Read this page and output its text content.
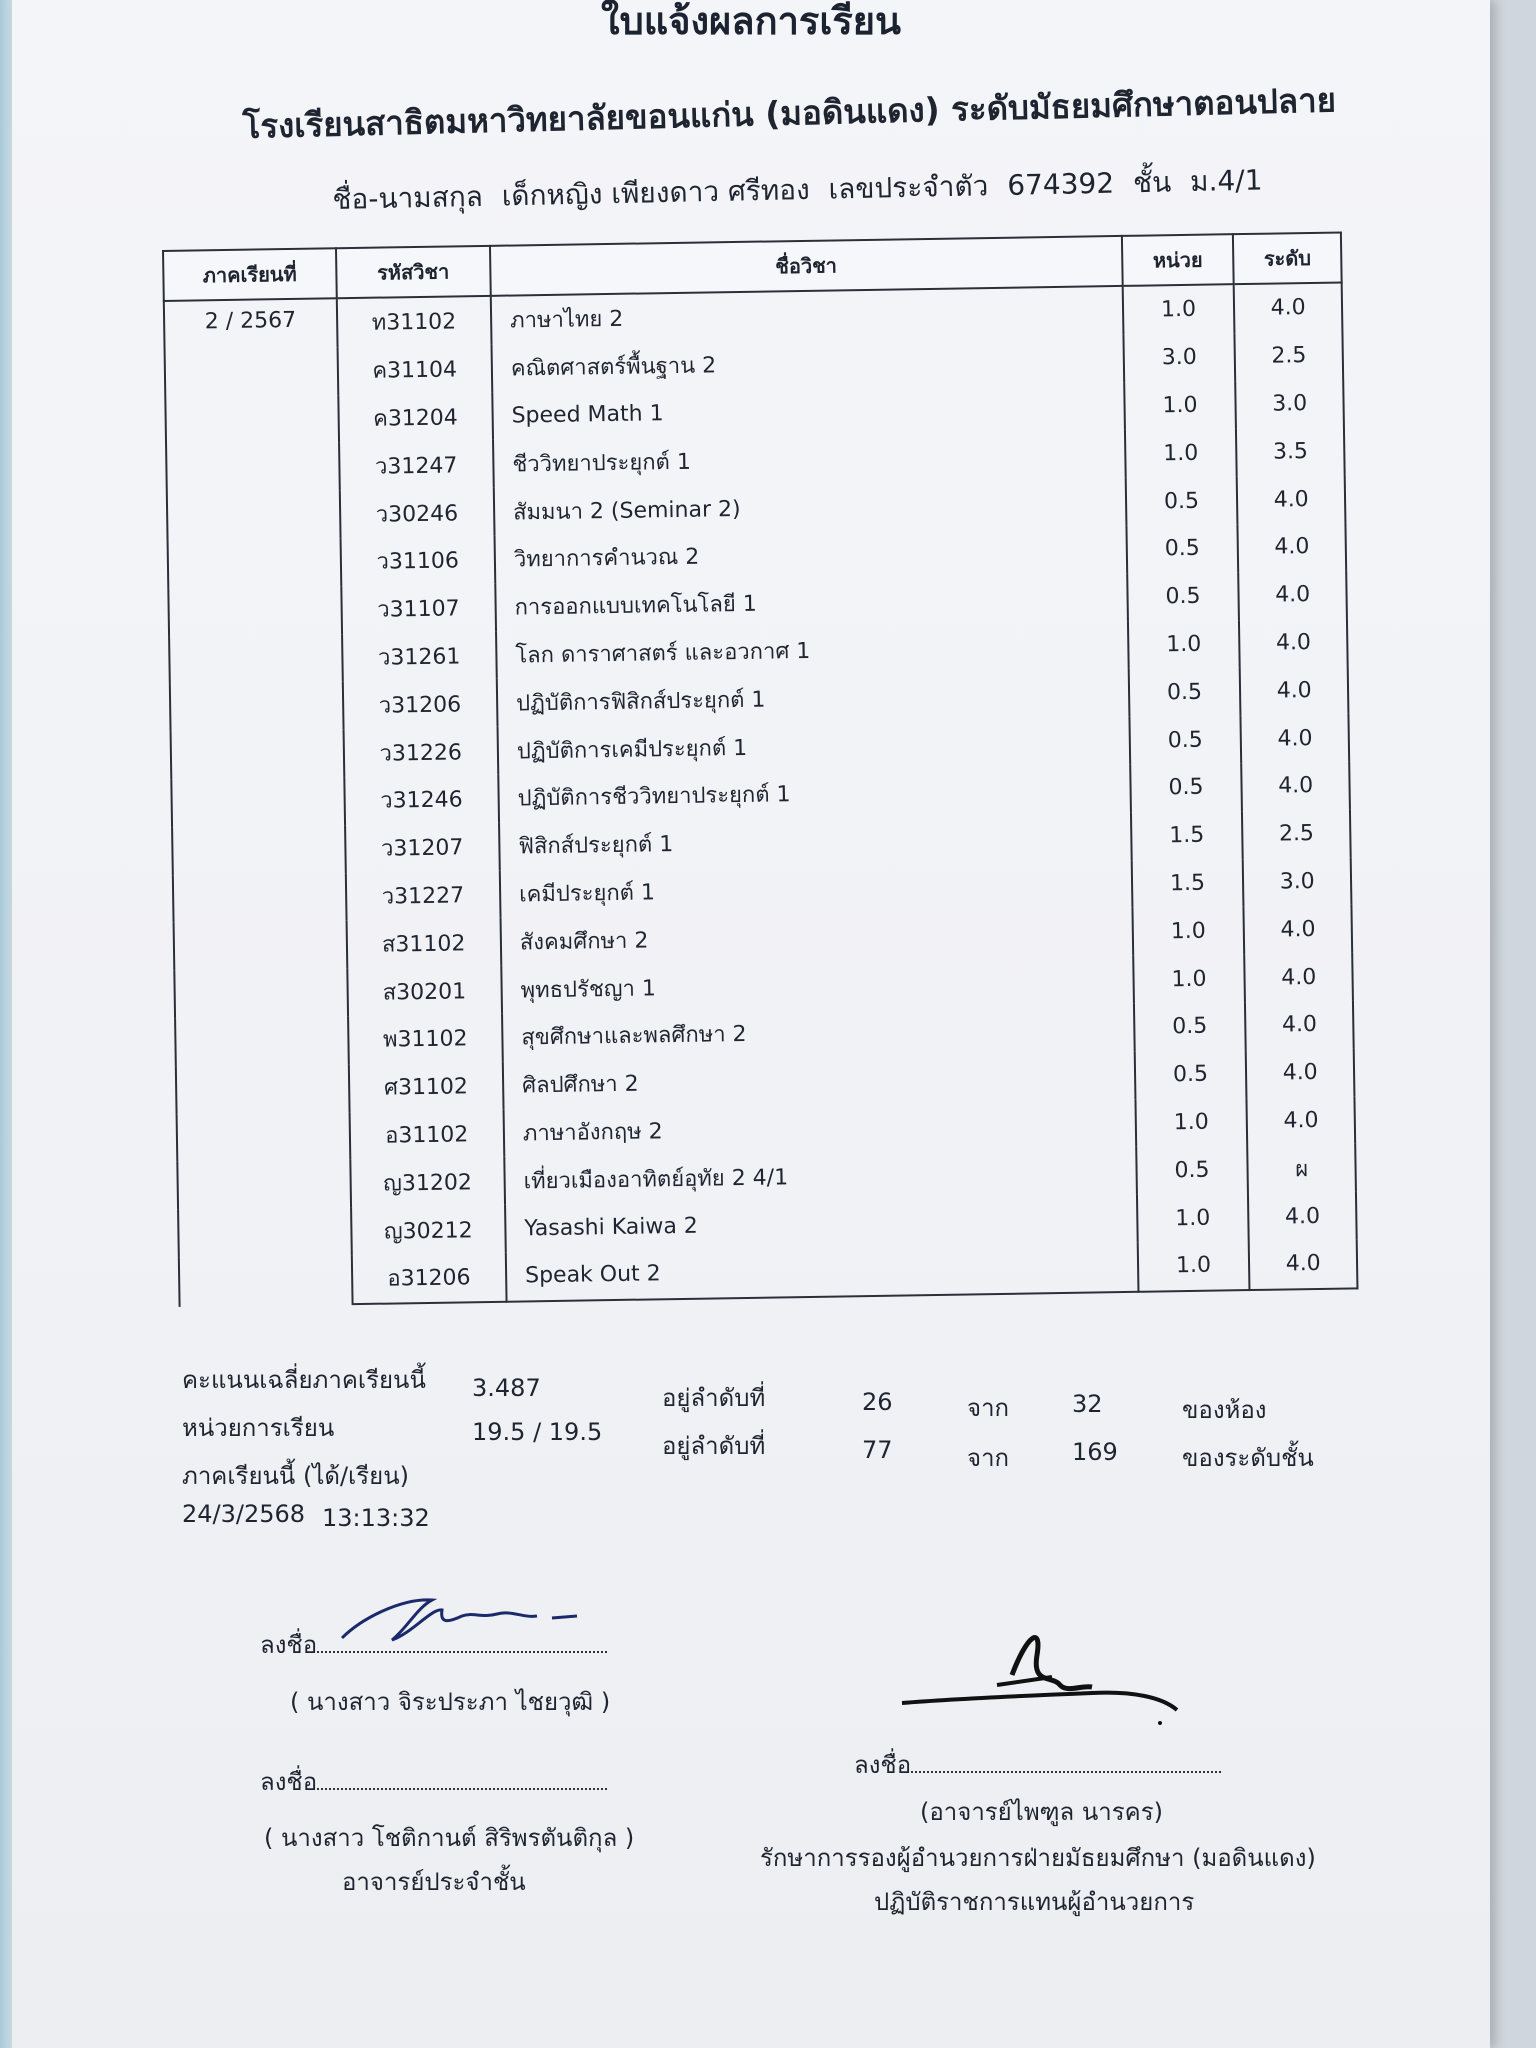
ใบแจ้งผลการเรียน
โรงเรียนสาธิตมหาวิทยาลัยขอนแก่น (มอดินแดง) ระดับมัธยมศึกษาตอนปลาย
ชื่อ-นามสกุล เด็กหญิง เพียงดาว ศรีทอง เลขประจำตัว 674392 ชั้น ม.4/1
ภาคเรียนที่	รหัสวิชา	ชื่อวิชา	หน่วย	ระดับ
2 / 2567	ท31102	ภาษาไทย 2	1.0	4.0
	ค31104	คณิตศาสตร์พื้นฐาน 2	3.0	2.5
	ค31204	Speed Math 1	1.0	3.0
	ว31247	ชีววิทยาประยุกต์ 1	1.0	3.5
	ว30246	สัมมนา 2 (Seminar 2)	0.5	4.0
	ว31106	วิทยาการคำนวณ 2	0.5	4.0
	ว31107	การออกแบบเทคโนโลยี 1	0.5	4.0
	ว31261	โลก ดาราศาสตร์ และอวกาศ 1	1.0	4.0
	ว31206	ปฏิบัติการฟิสิกส์ประยุกต์ 1	0.5	4.0
	ว31226	ปฏิบัติการเคมีประยุกต์ 1	0.5	4.0
	ว31246	ปฏิบัติการชีววิทยาประยุกต์ 1	0.5	4.0
	ว31207	ฟิสิกส์ประยุกต์ 1	1.5	2.5
	ว31227	เคมีประยุกต์ 1	1.5	3.0
	ส31102	สังคมศึกษา 2	1.0	4.0
	ส30201	พุทธปรัชญา 1	1.0	4.0
	พ31102	สุขศึกษาและพลศึกษา 2	0.5	4.0
	ศ31102	ศิลปศึกษา 2	0.5	4.0
	อ31102	ภาษาอังกฤษ 2	1.0	4.0
	ญ31202	เที่ยวเมืองอาทิตย์อุทัย 2 4/1	0.5	ผ
	ญ30212	Yasashi Kaiwa 2	1.0	4.0
	อ31206	Speak Out 2	1.0	4.0
คะแนนเฉลี่ยภาคเรียนนี้ 3.487
หน่วยการเรียน	19.5 / 19.5
ภาคเรียนนี้ (ได้/เรียน)
24/3/2568 13:13:32
อยู่ลำดับที่	26	จาก	32	ของห้อง
อยู่ลำดับที่	77	จาก	169	ของระดับชั้น
ลงชื่อ
( นางสาว จิระประภา ไชยวุฒิ )
ลงชื่อ
( นางสาว โชติกานต์ สิริพรตันติกุล )
อาจารย์ประจำชั้น
ลงชื่อ
(อาจารย์ไพฑูล นารคร)
รักษาการรองผู้อำนวยการฝ่ายมัธยมศึกษา (มอดินแดง)
ปฏิบัติราชการแทนผู้อำนวยการ
